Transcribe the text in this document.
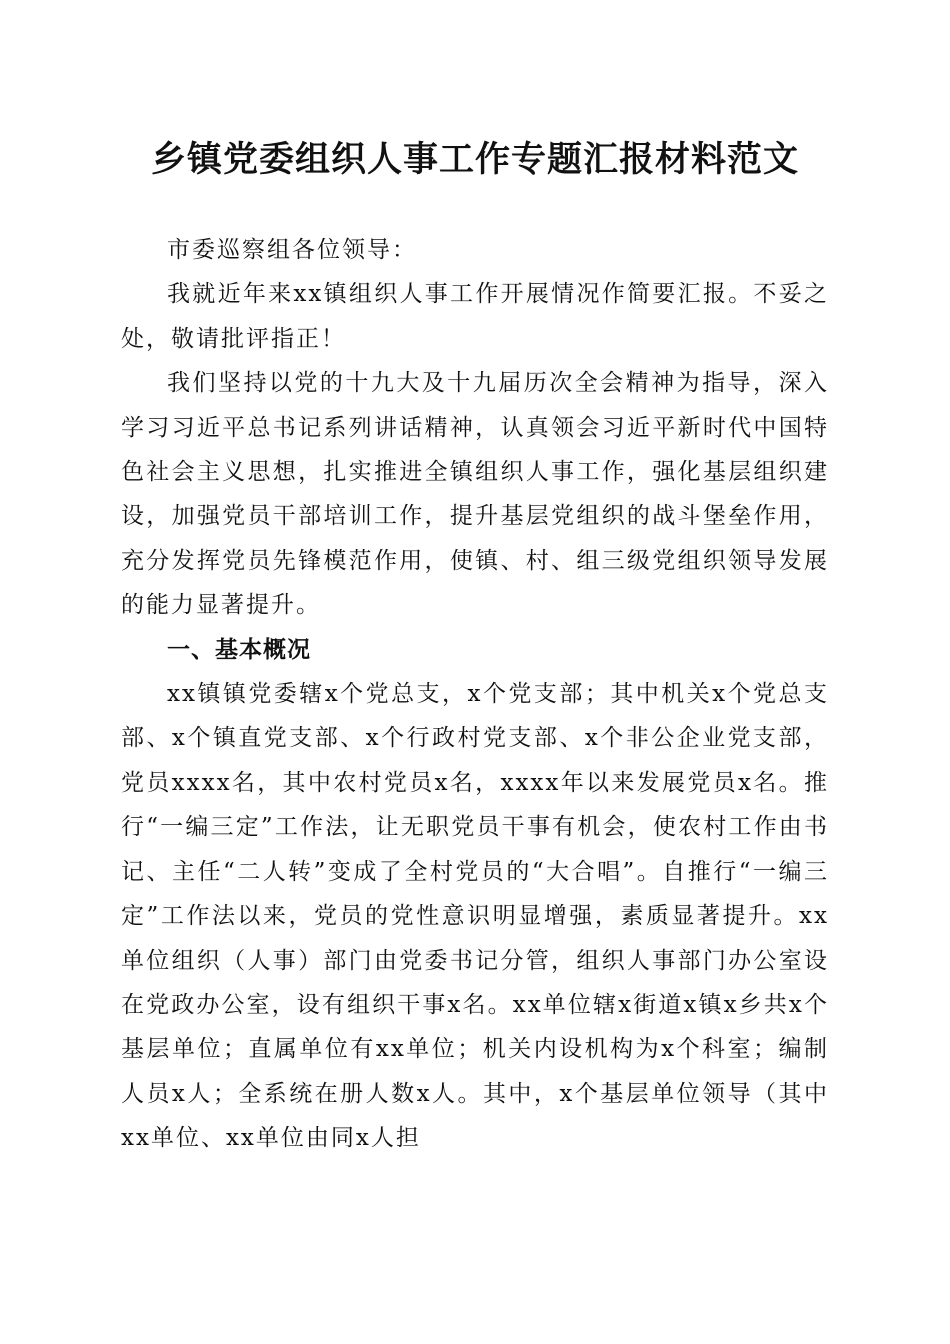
乡镇党委组织人事工作专题汇报材料范文

市委巡察组各位领导：

我就近年来xx镇组织人事工作开展情况作简要汇报。不妥之处，敬请批评指正！

我们坚持以党的十九大及十九届历次全会精神为指导，深入学习习近平总书记系列讲话精神，认真领会习近平新时代中国特色社会主义思想，扎实推进全镇组织人事工作，强化基层组织建设，加强党员干部培训工作，提升基层党组织的战斗堡垒作用，充分发挥党员先锋模范作用，使镇、村、组三级党组织领导发展的能力显著提升。

一、基本概况

xx镇镇党委辖x个党总支，x个党支部；其中机关x个党总支部、x个镇直党支部、x个行政村党支部、x个非公企业党支部，党员xxxx名，其中农村党员x名，xxxx年以来发展党员x名。推行“一编三定”工作法，让无职党员干事有机会，使农村工作由书记、主任“二人转”变成了全村党员的“大合唱”。自推行“一编三定”工作法以来，党员的党性意识明显增强，素质显著提升。xx单位组织（人事）部门由党委书记分管，组织人事部门办公室设在党政办公室，设有组织干事x名。xx单位辖x街道x镇x乡共x个基层单位；直属单位有xx单位；机关内设机构为x个科室；编制人员x人；全系统在册人数x人。其中，x个基层单位领导（其中xx单位、xx单位由同x人担
